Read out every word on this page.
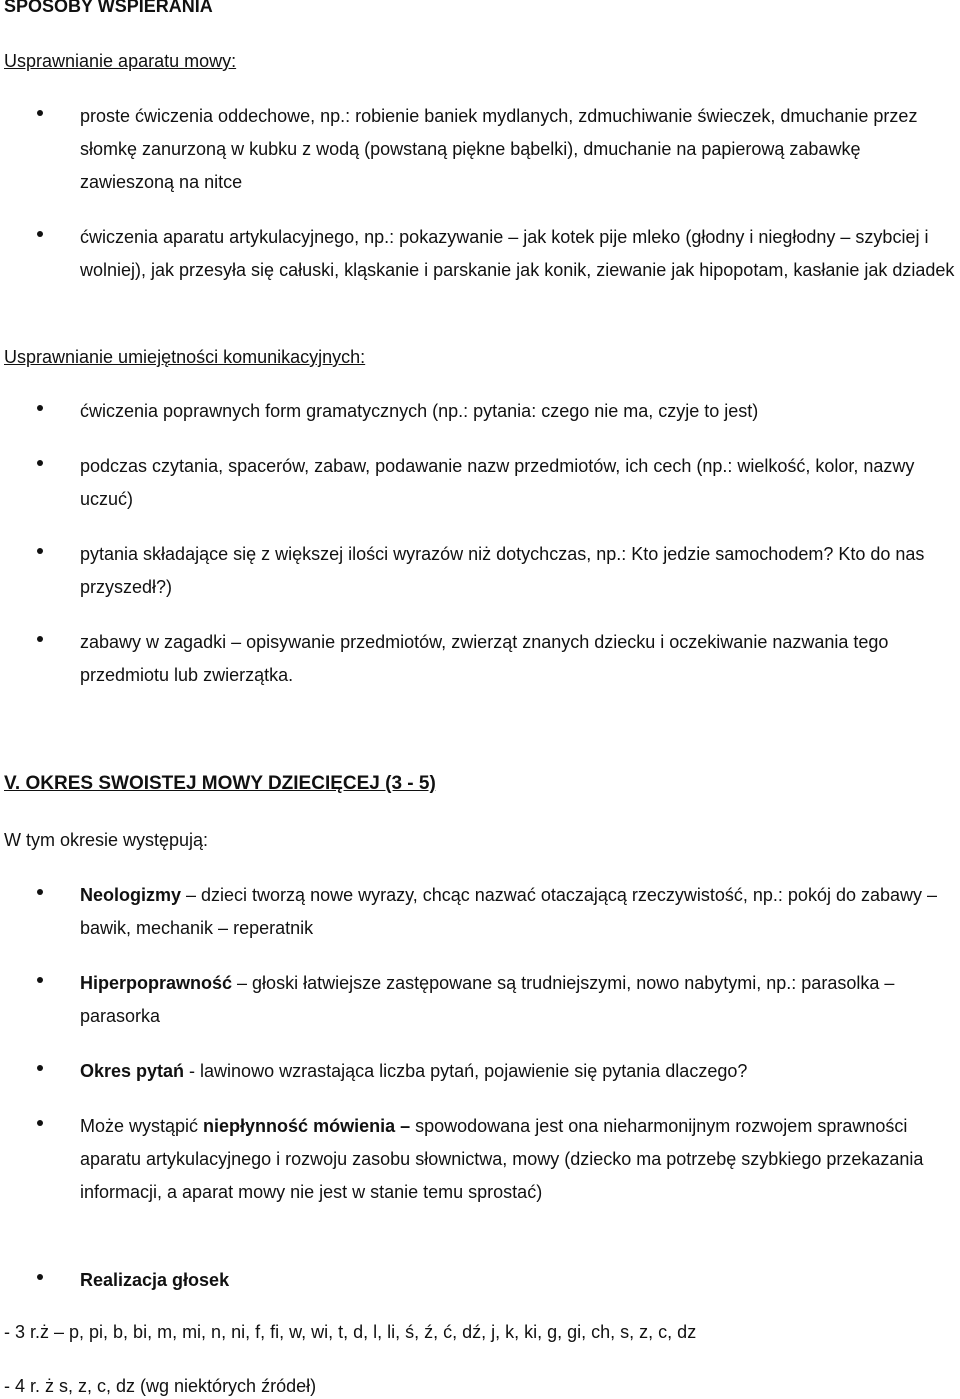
SPOSOBY WSPIERANIA
Usprawnianie aparatu mowy:
proste ćwiczenia oddechowe, np.: robienie baniek mydlanych, zdmuchiwanie świeczek, dmuchanie przez słomkę zanurzoną w kubku z wodą (powstaną piękne bąbelki), dmuchanie na papierową zabawkę zawieszoną na nitce
ćwiczenia aparatu artykulacyjnego, np.: pokazywanie – jak kotek pije mleko (głodny i niegłodny – szybciej i wolniej), jak przesyła się całuski, kląskanie i parskanie jak konik, ziewanie jak hipopotam, kasłanie jak dziadek
Usprawnianie umiejętności komunikacyjnych:
ćwiczenia poprawnych form gramatycznych (np.: pytania: czego nie ma, czyje to jest)
podczas czytania, spacerów, zabaw, podawanie nazw przedmiotów, ich cech (np.: wielkość, kolor, nazwy uczuć)
pytania składające się z większej ilości wyrazów niż dotychczas, np.: Kto jedzie samochodem? Kto do nas przyszedł?)
zabawy w zagadki – opisywanie przedmiotów, zwierząt znanych dziecku i oczekiwanie nazwania tego przedmiotu lub zwierzątka.
V. OKRES SWOISTEJ MOWY DZIECIĘCEJ (3 - 5)
W tym okresie występują:
Neologizmy – dzieci tworzą nowe wyrazy, chcąc nazwać otaczającą rzeczywistość, np.: pokój do zabawy – bawik, mechanik – reperatnik
Hiperpoprawność – głoski łatwiejsze zastępowane są trudniejszymi, nowo nabytymi, np.: parasolka – parasorka
Okres pytań - lawinowo wzrastająca liczba pytań, pojawienie się pytania dlaczego?
Może wystąpić niepłynność mówienia – spowodowana jest ona nieharmonijnym rozwojem sprawności aparatu artykulacyjnego i rozwoju zasobu słownictwa, mowy (dziecko ma potrzebę szybkiego przekazania informacji, a aparat mowy nie jest w stanie temu sprostać)
Realizacja głosek
- 3 r.ż – p, pi, b, bi, m, mi, n, ni, f, fi, w, wi, t, d, l, li, ś, ź, ć, dź, j, k, ki, g, gi, ch, s, z, c, dz
- 4 r. ż s, z, c, dz (wg niektórych źródeł)
